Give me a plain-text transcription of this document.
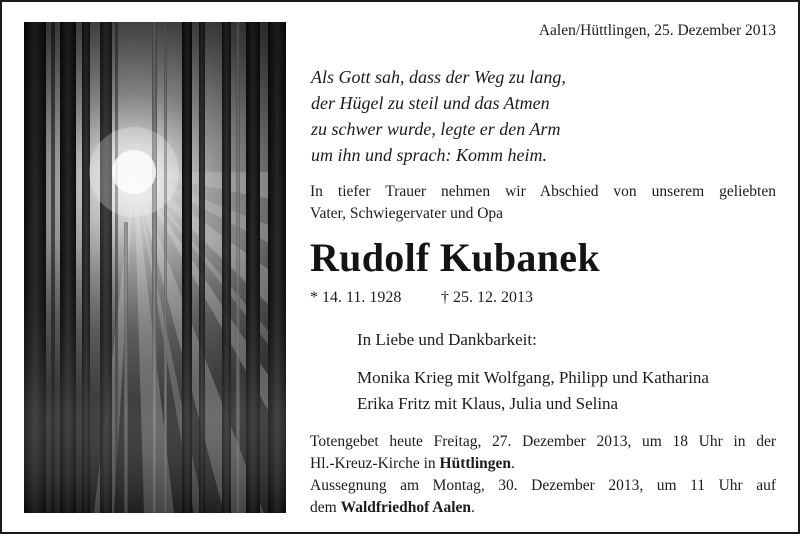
Aalen/Hüttlingen, 25. Dezember 2013
Als Gott sah, dass der Weg zu lang,
der Hügel zu steil und das Atmen
zu schwer wurde, legte er den Arm
um ihn und sprach: Komm heim.
In tiefer Trauer nehmen wir Abschied von unserem geliebten
Vater, Schwiegervater und Opa
Rudolf Kubanek
* 14. 11. 1928 † 25. 12. 2013
In Liebe und Dankbarkeit:
Monika Krieg mit Wolfgang, Philipp und Katharina
Erika Fritz mit Klaus, Julia und Selina
Totengebet heute Freitag, 27. Dezember 2013, um 18 Uhr in der
Hl.-Kreuz-Kirche in Hüttlingen.
Aussegnung am Montag, 30. Dezember 2013, um 11 Uhr auf
dem Waldfriedhof Aalen.
